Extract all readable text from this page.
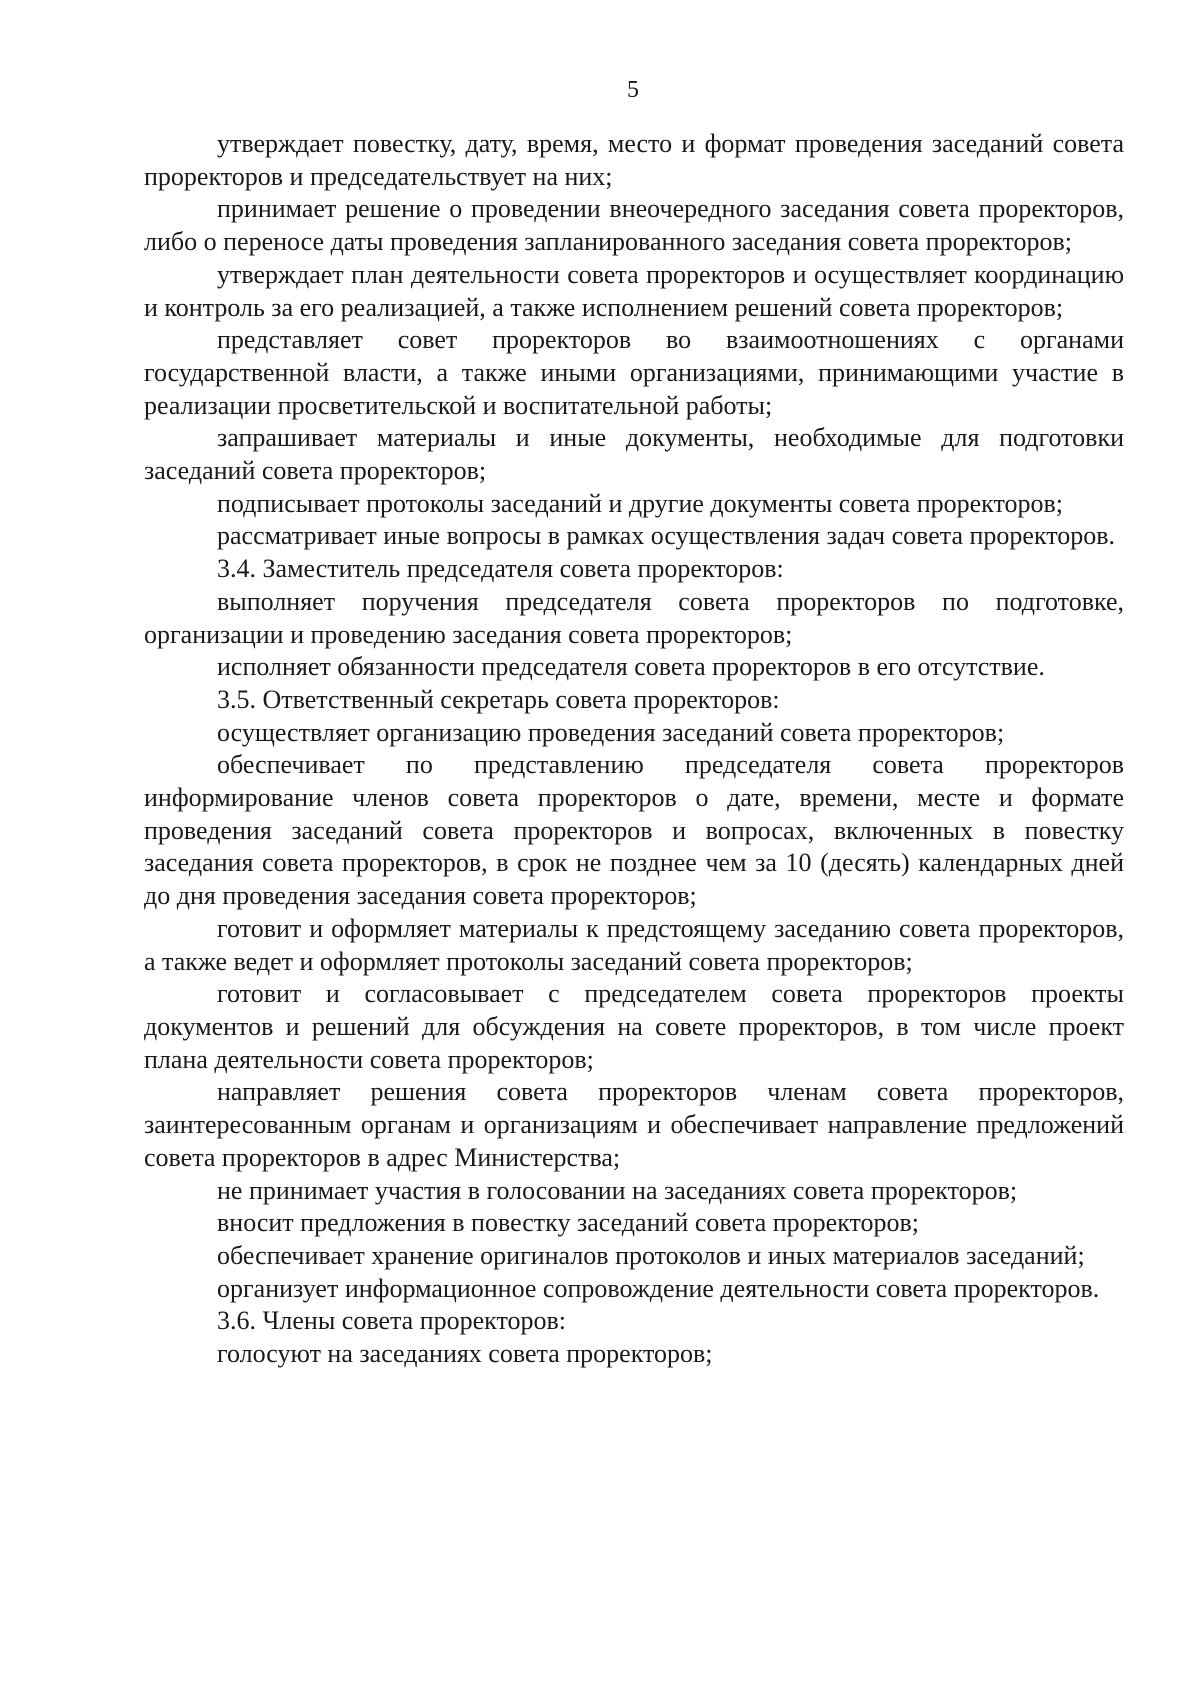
5

утверждает повестку, дату, время, место и формат проведения заседаний совета проректоров и председательствует на них;

принимает решение о проведении внеочередного заседания совета проректоров, либо о переносе даты проведения запланированного заседания совета проректоров;

утверждает план деятельности совета проректоров и осуществляет координацию и контроль за его реализацией, а также исполнением решений совета проректоров;

представляет совет проректоров во взаимоотношениях с органами государственной власти, а также иными организациями, принимающими участие в реализации просветительской и воспитательной работы;

запрашивает материалы и иные документы, необходимые для подготовки заседаний совета проректоров;

подписывает протоколы заседаний и другие документы совета проректоров;

рассматривает иные вопросы в рамках осуществления задач совета проректоров.

3.4. Заместитель председателя совета проректоров:

выполняет поручения председателя совета проректоров по подготовке, организации и проведению заседания совета проректоров;

исполняет обязанности председателя совета проректоров в его отсутствие.

3.5. Ответственный секретарь совета проректоров:

осуществляет организацию проведения заседаний совета проректоров;

обеспечивает по представлению председателя совета проректоров информирование членов совета проректоров о дате, времени, месте и формате проведения заседаний совета проректоров и вопросах, включенных в повестку заседания совета проректоров, в срок не позднее чем за 10 (десять) календарных дней до дня проведения заседания совета проректоров;

готовит и оформляет материалы к предстоящему заседанию совета проректоров, а также ведет и оформляет протоколы заседаний совета проректоров;

готовит и согласовывает с председателем совета проректоров проекты документов и решений для обсуждения на совете проректоров, в том числе проект плана деятельности совета проректоров;

направляет решения совета проректоров членам совета проректоров, заинтересованным органам и организациям и обеспечивает направление предложений совета проректоров в адрес Министерства;

не принимает участия в голосовании на заседаниях совета проректоров;

вносит предложения в повестку заседаний совета проректоров;

обеспечивает хранение оригиналов протоколов и иных материалов заседаний;

организует информационное сопровождение деятельности совета проректоров.

3.6. Члены совета проректоров:

голосуют на заседаниях совета проректоров;
